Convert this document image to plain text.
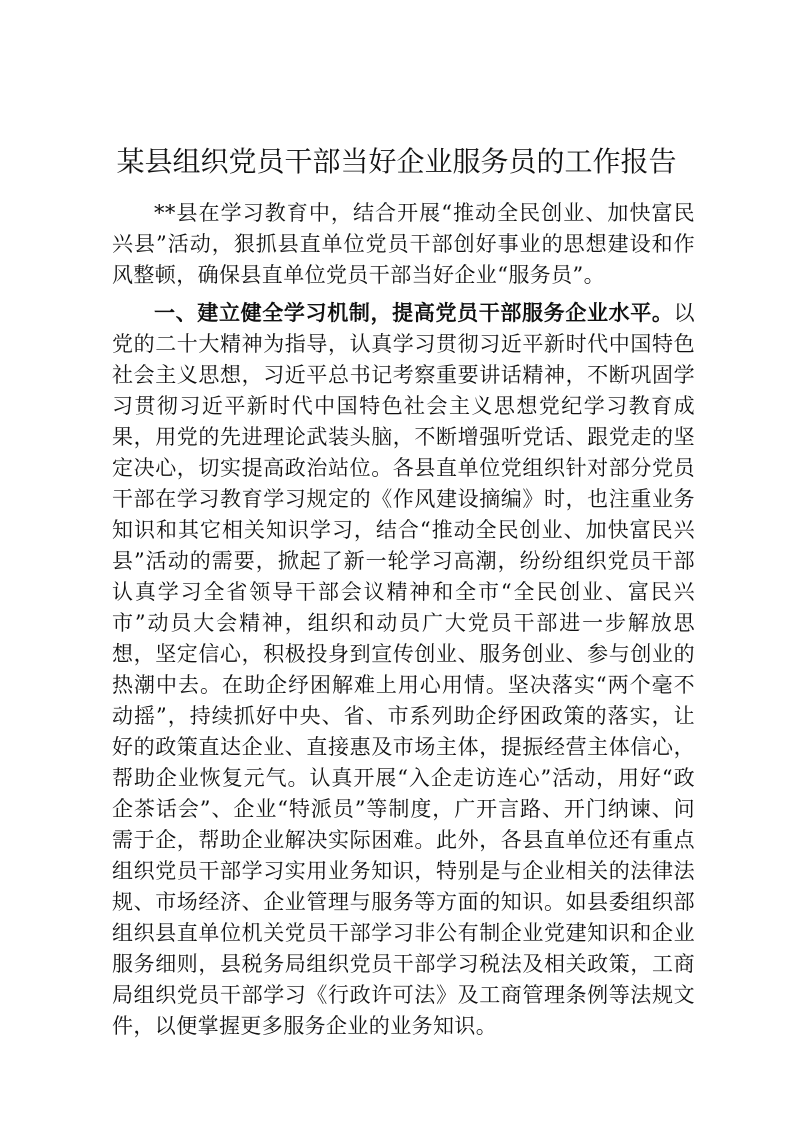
某县组织党员干部当好企业服务员的工作报告

**县在学习教育中，结合开展“推动全民创业、加快富民兴县”活动，狠抓县直单位党员干部创好事业的思想建设和作风整顿，确保县直单位党员干部当好企业“服务员”。

一、建立健全学习机制，提高党员干部服务企业水平。以党的二十大精神为指导，认真学习贯彻习近平新时代中国特色社会主义思想，习近平总书记考察重要讲话精神，不断巩固学习贯彻习近平新时代中国特色社会主义思想党纪学习教育成果，用党的先进理论武装头脑，不断增强听党话、跟党走的坚定决心，切实提高政治站位。各县直单位党组织针对部分党员干部在学习教育学习规定的《作风建设摘编》时，也注重业务知识和其它相关知识学习，结合“推动全民创业、加快富民兴县”活动的需要，掀起了新一轮学习高潮，纷纷组织党员干部认真学习全省领导干部会议精神和全市“全民创业、富民兴市”动员大会精神，组织和动员广大党员干部进一步解放思想，坚定信心，积极投身到宣传创业、服务创业、参与创业的热潮中去。在助企纾困解难上用心用情。坚决落实“两个毫不动摇”，持续抓好中央、省、市系列助企纾困政策的落实，让好的政策直达企业、直接惠及市场主体，提振经营主体信心，帮助企业恢复元气。认真开展“入企走访连心”活动，用好“政企茶话会”、企业“特派员”等制度，广开言路、开门纳谏、问需于企，帮助企业解决实际困难。此外，各县直单位还有重点组织党员干部学习实用业务知识，特别是与企业相关的法律法规、市场经济、企业管理与服务等方面的知识。如县委组织部组织县直单位机关党员干部学习非公有制企业党建知识和企业服务细则，县税务局组织党员干部学习税法及相关政策，工商局组织党员干部学习《行政许可法》及工商管理条例等法规文件，以便掌握更多服务企业的业务知识。
